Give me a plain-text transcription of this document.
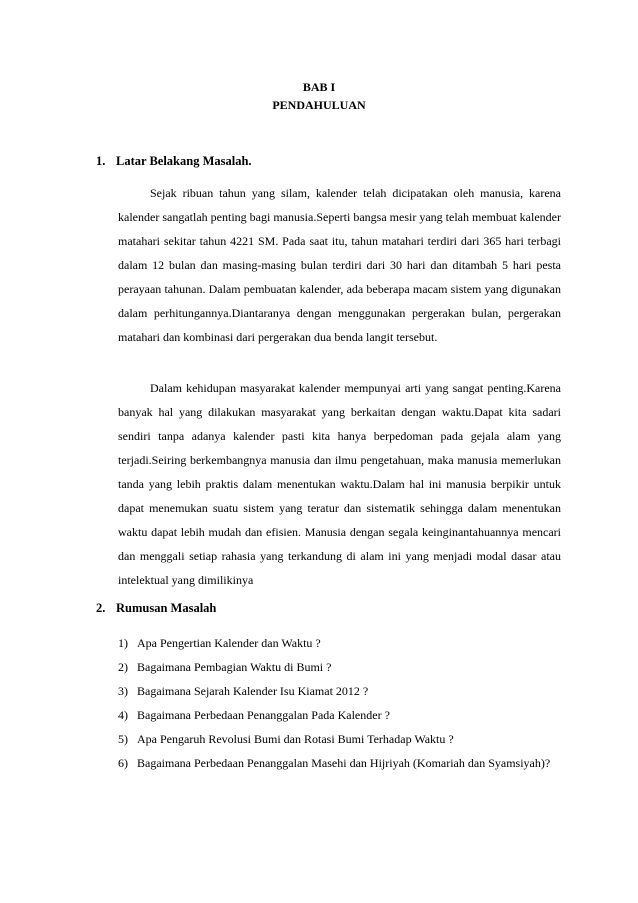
BAB I
PENDAHULUAN
1. Latar Belakang Masalah.

Sejak ribuan tahun yang silam, kalender telah dicipatakan oleh manusia, karena kalender sangatlah penting bagi manusia.Seperti bangsa mesir yang telah membuat kalender matahari sekitar tahun 4221 SM. Pada saat itu, tahun matahari terdiri dari 365 hari terbagi dalam 12 bulan dan masing-masing bulan terdiri dari 30 hari dan ditambah 5 hari pesta perayaan tahunan. Dalam pembuatan kalender, ada beberapa macam sistem yang digunakan dalam perhitungannya.Diantaranya dengan menggunakan pergerakan bulan, pergerakan matahari dan kombinasi dari pergerakan dua benda langit tersebut.

Dalam kehidupan masyarakat kalender mempunyai arti yang sangat penting.Karena banyak hal yang dilakukan masyarakat yang berkaitan dengan waktu.Dapat kita sadari sendiri tanpa adanya kalender pasti kita hanya berpedoman pada gejala alam yang terjadi.Seiring berkembangnya manusia dan ilmu pengetahuan, maka manusia memerlukan tanda yang lebih praktis dalam menentukan waktu.Dalam hal ini manusia berpikir untuk dapat menemukan suatu sistem yang teratur dan sistematik sehingga dalam menentukan waktu dapat lebih mudah dan efisien. Manusia dengan segala keinginantahuannya mencari dan menggali setiap rahasia yang terkandung di alam ini yang menjadi modal dasar atau intelektual yang dimilikinya

2. Rumusan Masalah
1) Apa Pengertian Kalender dan Waktu ?
2) Bagaimana Pembagian Waktu di Bumi ?
3) Bagaimana Sejarah Kalender Isu Kiamat 2012 ?
4) Bagaimana Perbedaan Penanggalan Pada Kalender ?
5) Apa Pengaruh Revolusi Bumi dan Rotasi Bumi Terhadap Waktu ?
6) Bagaimana Perbedaan Penanggalan Masehi dan Hijriyah (Komariah dan Syamsiyah)?
